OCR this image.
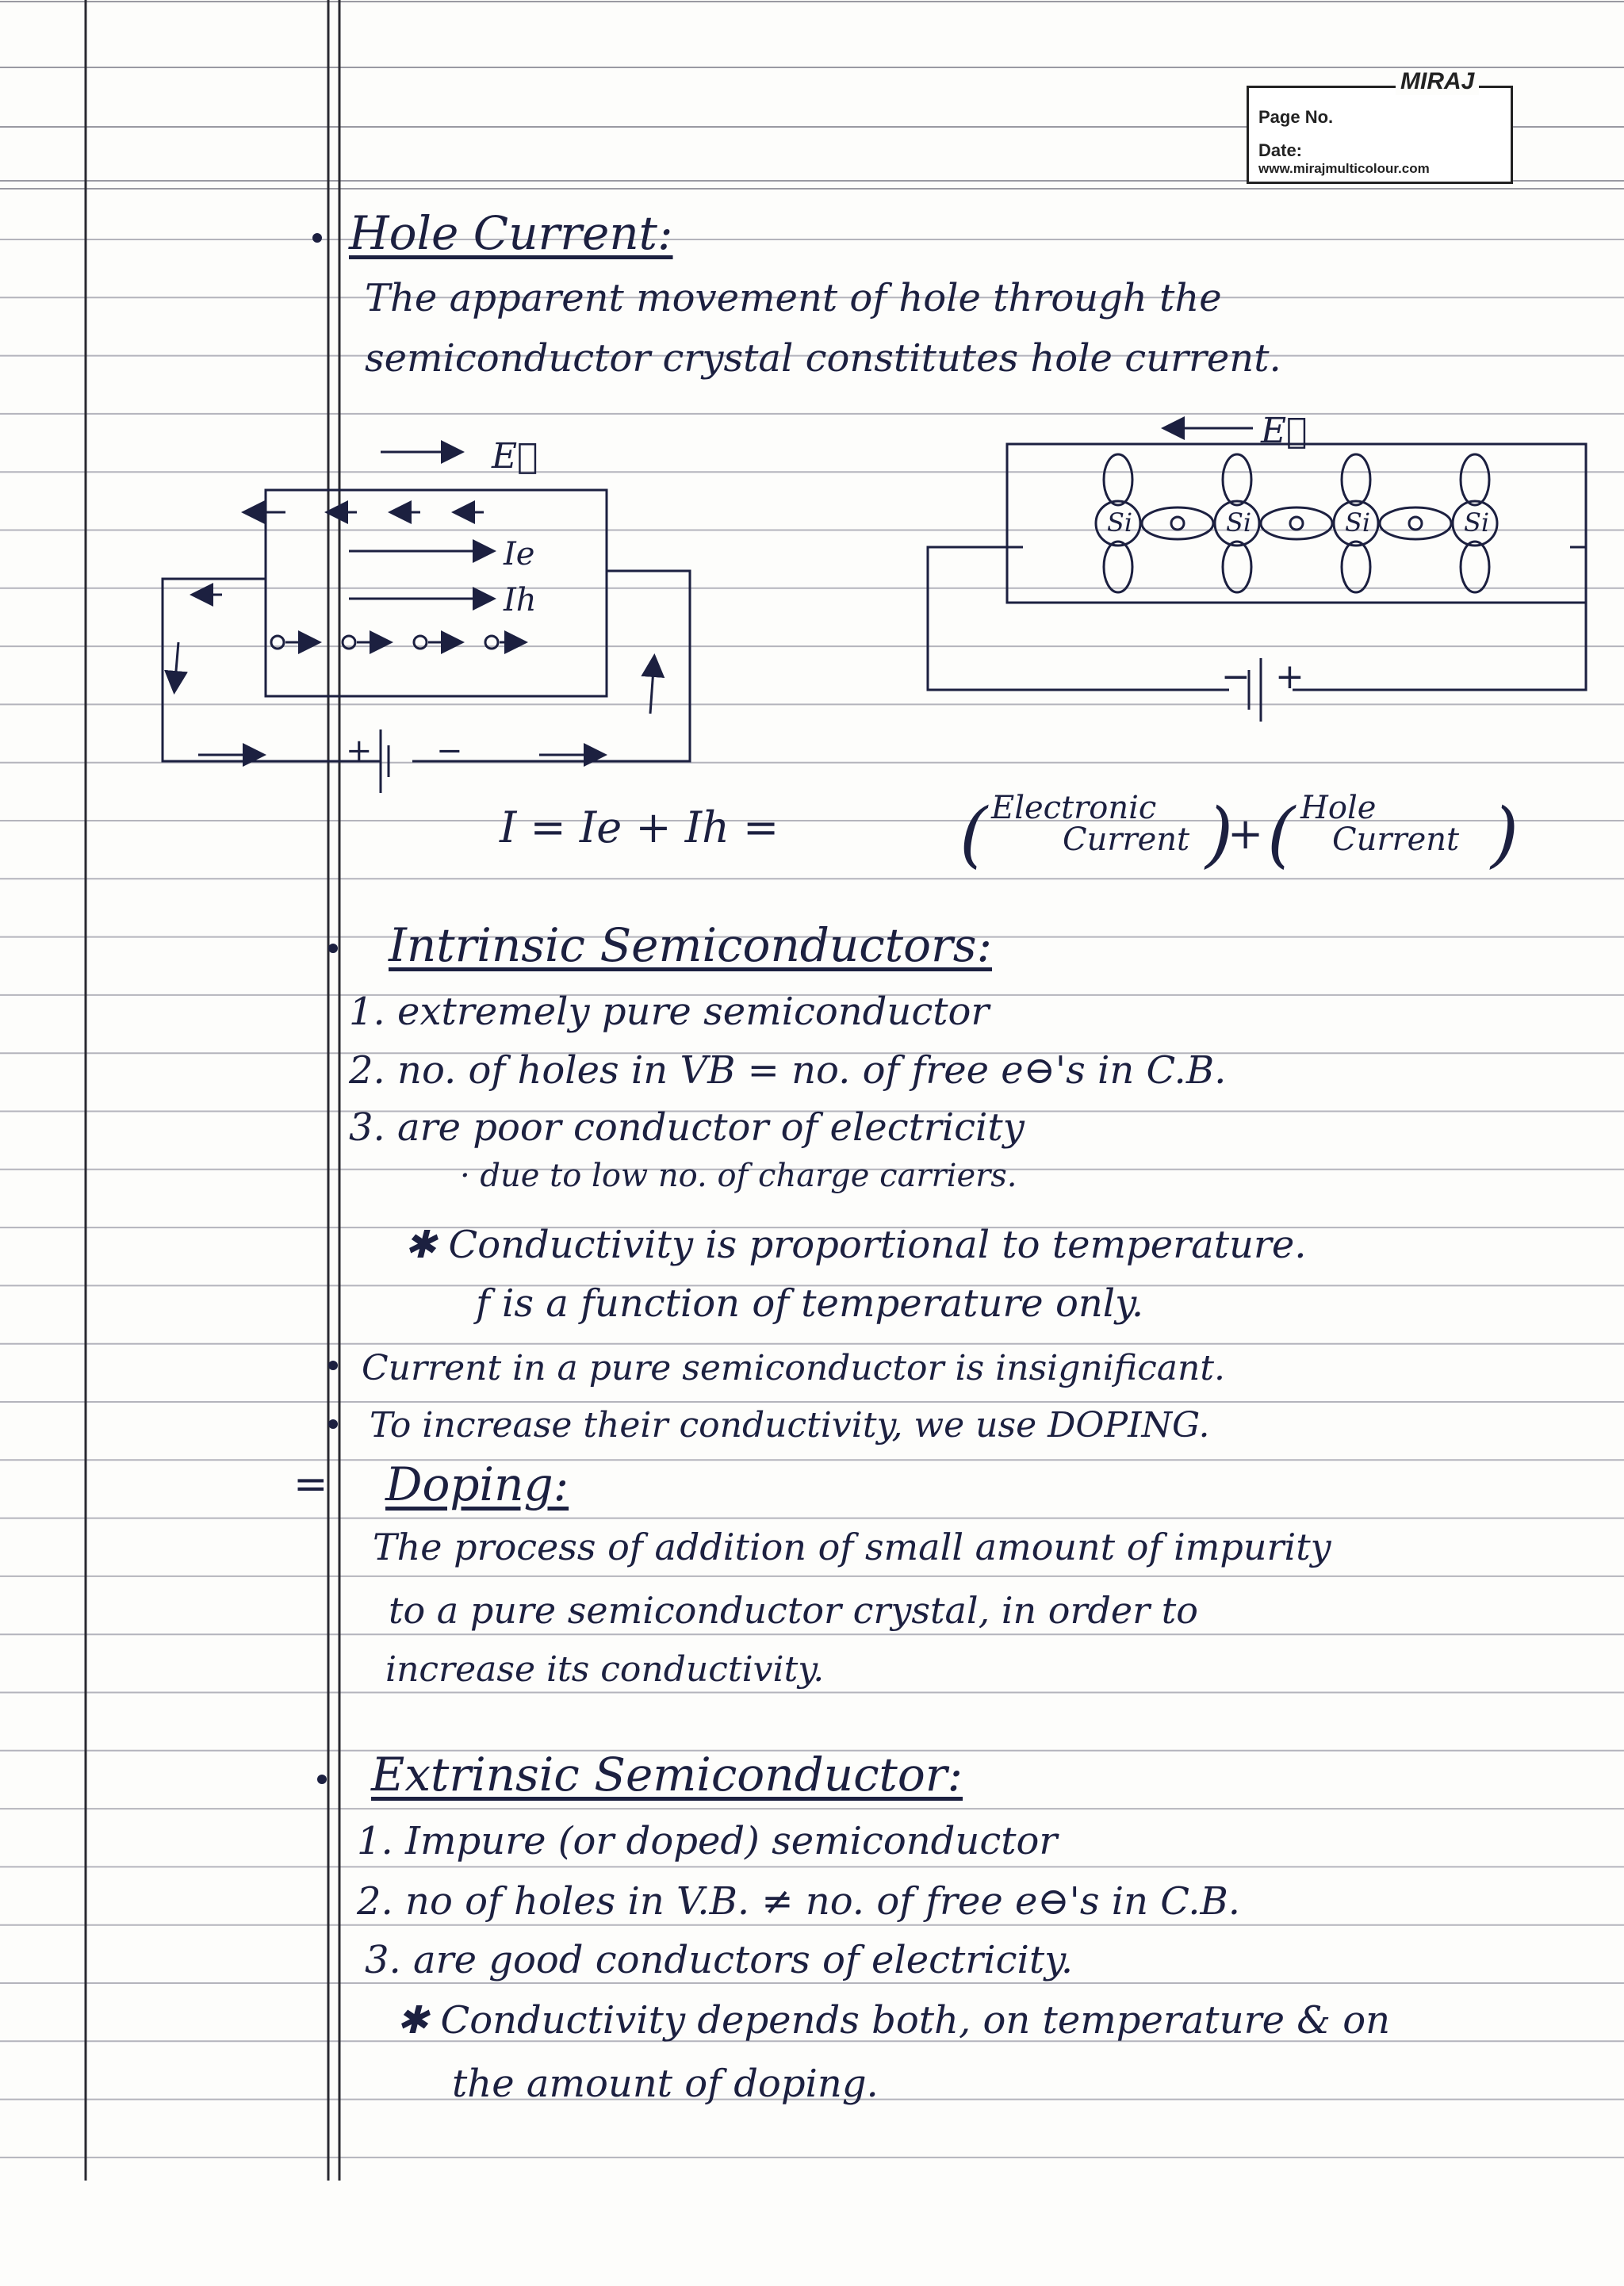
Page No.
Date:
www.mirajmulticolour.com
MIRAJ
Hole Current:
The apparent movement of hole through the
semiconductor crystal constitutes hole current.
E⃗
Ie
Ih
+ −
E⃗
Si	Si	Si	Si
− +
I = Ie + Ih =	( Electronic
Current )
+ ( Hole
Current )
Intrinsic Semiconductors:
1. extremely pure semiconductor
2. no. of holes in VB = no. of free e⊖'s in C.B.
3. are poor conductor of electricity
· due to low no. of charge carriers.
✱ Conductivity is proportional to temperature.
f is a function of temperature only.
Current in a pure semiconductor is insignificant.
To increase their conductivity, we use DOPING.
= Doping:
The process of addition of small amount of impurity
to a pure semiconductor crystal, in order to
increase its conductivity.
Extrinsic Semiconductor:
1. Impure (or doped) semiconductor
2. no of holes in V.B. ≠ no. of free e⊖'s in C.B.
3. are good conductors of electricity.
✱ Conductivity depends both, on temperature & on
the amount of doping.
